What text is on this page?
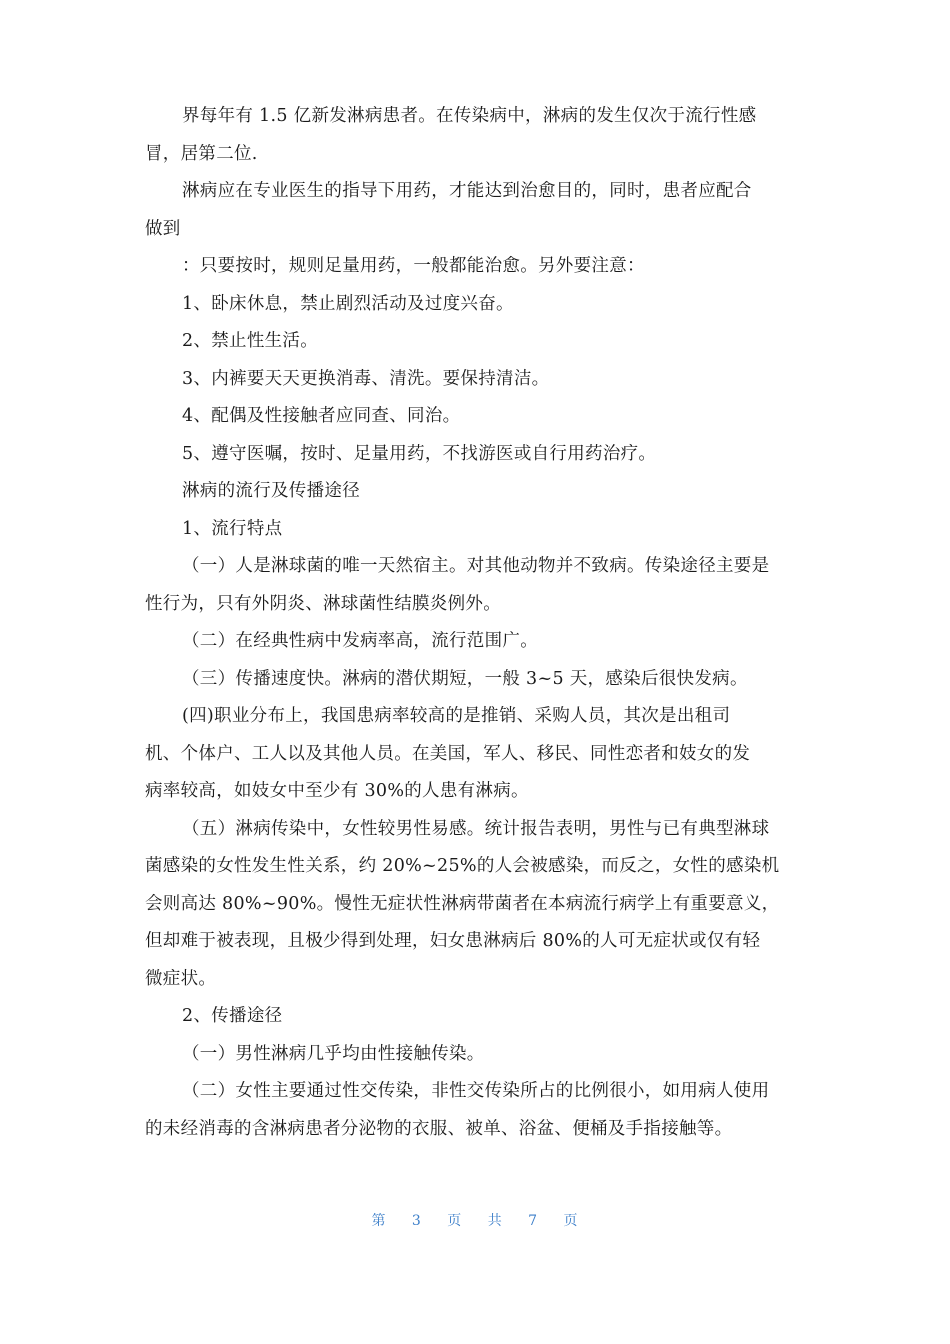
界每年有 1.5 亿新发淋病患者。在传染病中，淋病的发生仅次于流行性感
冒，居第二位.
淋病应在专业医生的指导下用药，才能达到治愈目的，同时，患者应配合
做到
：只要按时，规则足量用药，一般都能治愈。另外要注意：
1、卧床休息，禁止剧烈活动及过度兴奋。
2、禁止性生活。
3、内裤要天天更换消毒、清洗。要保持清洁。
4、配偶及性接触者应同查、同治。
5、遵守医嘱，按时、足量用药，不找游医或自行用药治疗。
淋病的流行及传播途径
1、流行特点
（一）人是淋球菌的唯一天然宿主。对其他动物并不致病。传染途径主要是
性行为，只有外阴炎、淋球菌性结膜炎例外。
（二）在经典性病中发病率高，流行范围广。
（三）传播速度快。淋病的潜伏期短，一般 3~5 天，感染后很快发病。
(四)职业分布上，我国患病率较高的是推销、采购人员，其次是出租司
机、个体户、工人以及其他人员。在美国，军人、移民、同性恋者和妓女的发
病率较高，如妓女中至少有 30%的人患有淋病。
（五）淋病传染中，女性较男性易感。统计报告表明，男性与已有典型淋球
菌感染的女性发生性关系，约 20%~25%的人会被感染，而反之，女性的感染机
会则高达 80%~90%。慢性无症状性淋病带菌者在本病流行病学上有重要意义，
但却难于被表现，且极少得到处理，妇女患淋病后 80%的人可无症状或仅有轻
微症状。
2、传播途径
（一）男性淋病几乎均由性接触传染。
（二）女性主要通过性交传染，非性交传染所占的比例很小，如用病人使用
的未经消毒的含淋病患者分泌物的衣服、被单、浴盆、便桶及手指接触等。
第 3 页 共 7 页
